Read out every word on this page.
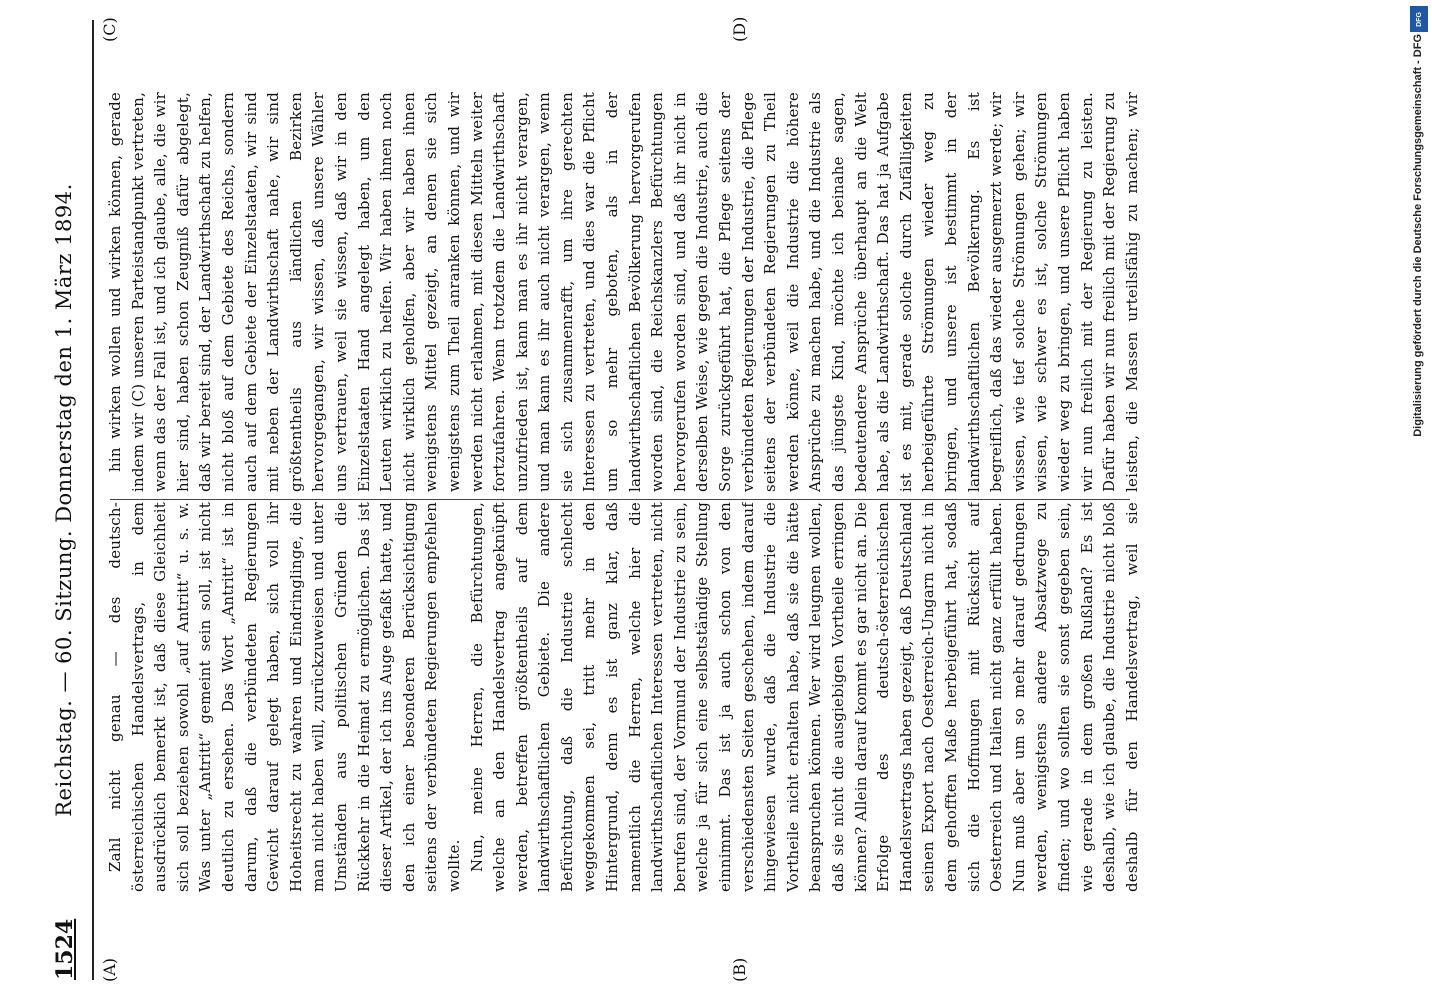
1524
Reichstag. — 60. Sitzung. Donnerstag den 1. März 1894.
(A)	(B)
(C)	(D)

Zahl nicht genau — des deutsch-österreichischen Handelsvertrags, in dem ausdrücklich bemerkt ist, daß diese Gleichheit sich soll beziehen sowohl „auf Antritt“ u. s. w. Was unter „Antritt“ gemeint sein soll, ist nicht deutlich zu ersehen. Das Wort „Antritt“ ist in darum, daß die verbündeten Regierungen Gewicht darauf gelegt haben, sich voll ihr Hoheitsrecht zu wahren und Eindringlinge, die man nicht haben will, zurückzuweisen und unter Umständen aus politischen Gründen die Rückkehr in die Heimat zu ermöglichen. Das ist dieser Artikel, der ich ins Auge gefaßt hatte, und den ich einer besonderen Berücksichtigung seitens der verbündeten Regierungen empfehlen wollte. Nun, meine Herren, die Befürchtungen, welche an den Handelsvertrag angeknüpft werden, betreffen größtentheils auf dem landwirthschaftlichen Gebiete. Die andere Befürchtung, daß die Industrie schlecht weggekommen sei, tritt mehr in den Hintergrund, denn es ist ganz klar, daß namentlich die Herren, welche hier die landwirthschaftlichen Interessen vertreten, nicht berufen sind, der Vormund der Industrie zu sein, welche ja für sich eine selbstständige Stellung einnimmt. Das ist ja auch schon von den verschiedensten Seiten geschehen, indem darauf hingewiesen wurde, daß die Industrie die Vortheile nicht erhalten habe, daß sie die hätte beanspruchen können. Wer wird leugnen wollen, daß sie nicht die ausgiebigen Vortheile erringen können? Allein darauf kommt es gar nicht an. Die Erfolge des deutsch-österreichischen Handelsvertrags haben gezeigt, daß Deutschland seinen Export nach Oesterreich-Ungarn nicht in dem gehofften Maße herbeigeführt hat, sodaß sich die Hoffnungen mit Rücksicht auf Oesterreich und Italien nicht ganz erfüllt haben. Nun muß aber um so mehr darauf gedrungen werden, wenigstens andere Absatzwege zu finden; und wo sollten sie sonst gegeben sein, wie gerade in dem großen Rußland? Es ist deshalb, wie ich glaube, die Industrie nicht bloß deshalb für den Handelsvertrag, weil sie

hin wirken wollen und wirken können, gerade indem wir (C) unseren Parteistandpunkt vertreten, wenn das der Fall ist, und ich glaube, alle, die wir hier sind, haben schon Zeugniß dafür abgelegt, daß wir bereit sind, der Landwirthschaft zu helfen, nicht bloß auf dem Gebiete des Reichs, sondern auch auf dem Gebiete der Einzelstaaten, wir sind mit neben der Landwirthschaft nahe, wir sind größtentheils aus ländlichen Bezirken hervorgegangen, wir wissen, daß unsere Wähler uns vertrauen, weil sie wissen, daß wir in den Einzelstaaten Hand angelegt haben, um den Leuten wirklich zu helfen. Wir haben ihnen noch nicht wirklich geholfen, aber wir haben ihnen wenigstens Mittel gezeigt, an denen sie sich wenigstens zum Theil anranken können, und wir werden nicht erlahmen, mit diesen Mitteln weiter fortzufahren. Wenn trotzdem die Landwirthschaft unzufrieden ist, kann man es ihr nicht verargen, und man kann es ihr auch nicht verargen, wenn sie sich zusammenrafft, um ihre gerechten Interessen zu vertreten, und dies war die Pflicht um so mehr geboten, als in der landwirthschaftlichen Bevölkerung hervorgerufen worden sind, die Reichskanzlers Befürchtungen hervorgerufen worden sind, und daß ihr nicht in derselben Weise, wie gegen die Industrie, auch die Sorge zurückgeführt hat, die Pflege seitens der verbündeten Regierungen der Industrie, die Pflege seitens der verbündeten Regierungen zu Theil werden könne, weil die Industrie die höhere Ansprüche zu machen habe, und die Industrie als das jüngste Kind, möchte ich beinahe sagen, bedeutendere Ansprüche überhaupt an die Welt habe, als die Landwirthschaft. Das hat ja Aufgabe ist es mit, gerade solche durch Zufälligkeiten herbeigeführte Strömungen wieder weg zu bringen, und unsere ist bestimmt in der landwirthschaftlichen Bevölkerung. Es ist begreiflich, daß das wieder ausgemerzt werde; wir wissen, wie tief solche Strömungen gehen; wir wissen, wie schwer es ist, solche Strömungen wieder weg zu bringen, und unsere Pflicht haben wir nun freilich mit der Regierung zu leisten. Dafür haben wir nun freilich mit der Regierung zu leisten, die Massen urteilsfähig zu machen; wir	Digitalisierung gefördert durch die Deutsche Forschungsgemeinschaft - DFG
DFG
